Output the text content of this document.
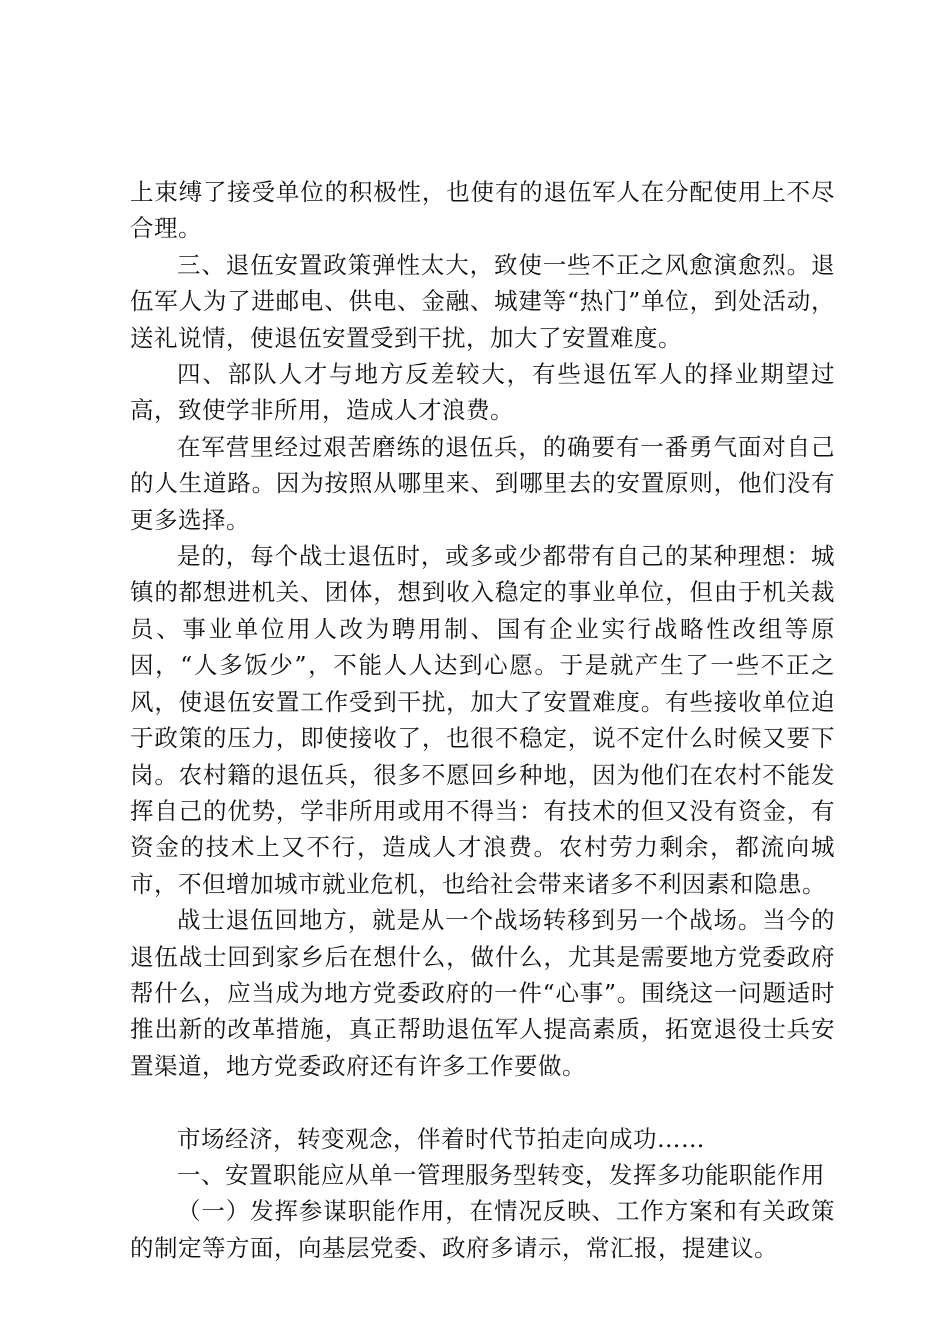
上束缚了接受单位的积极性，也使有的退伍军人在分配使用上不尽合理。

三、退伍安置政策弹性太大，致使一些不正之风愈演愈烈。退伍军人为了进邮电、供电、金融、城建等“热门”单位，到处活动，送礼说情，使退伍安置受到干扰，加大了安置难度。

四、部队人才与地方反差较大，有些退伍军人的择业期望过高，致使学非所用，造成人才浪费。

在军营里经过艰苦磨练的退伍兵，的确要有一番勇气面对自己的人生道路。因为按照从哪里来、到哪里去的安置原则，他们没有更多选择。

是的，每个战士退伍时，或多或少都带有自己的某种理想：城镇的都想进机关、团体，想到收入稳定的事业单位，但由于机关裁员、事业单位用人改为聘用制、国有企业实行战略性改组等原因，“人多饭少”，不能人人达到心愿。于是就产生了一些不正之风，使退伍安置工作受到干扰，加大了安置难度。有些接收单位迫于政策的压力，即使接收了，也很不稳定，说不定什么时候又要下岗。农村籍的退伍兵，很多不愿回乡种地，因为他们在农村不能发挥自己的优势，学非所用或用不得当：有技术的但又没有资金，有资金的技术上又不行，造成人才浪费。农村劳力剩余，都流向城市，不但增加城市就业危机，也给社会带来诸多不利因素和隐患。

战士退伍回地方，就是从一个战场转移到另一个战场。当今的退伍战士回到家乡后在想什么，做什么，尤其是需要地方党委政府帮什么，应当成为地方党委政府的一件“心事”。围绕这一问题适时推出新的改革措施，真正帮助退伍军人提高素质，拓宽退役士兵安置渠道，地方党委政府还有许多工作要做。

市场经济，转变观念，伴着时代节拍走向成功……

一、安置职能应从单一管理服务型转变，发挥多功能职能作用

（一）发挥参谋职能作用，在情况反映、工作方案和有关政策的制定等方面，向基层党委、政府多请示，常汇报，提建议。
